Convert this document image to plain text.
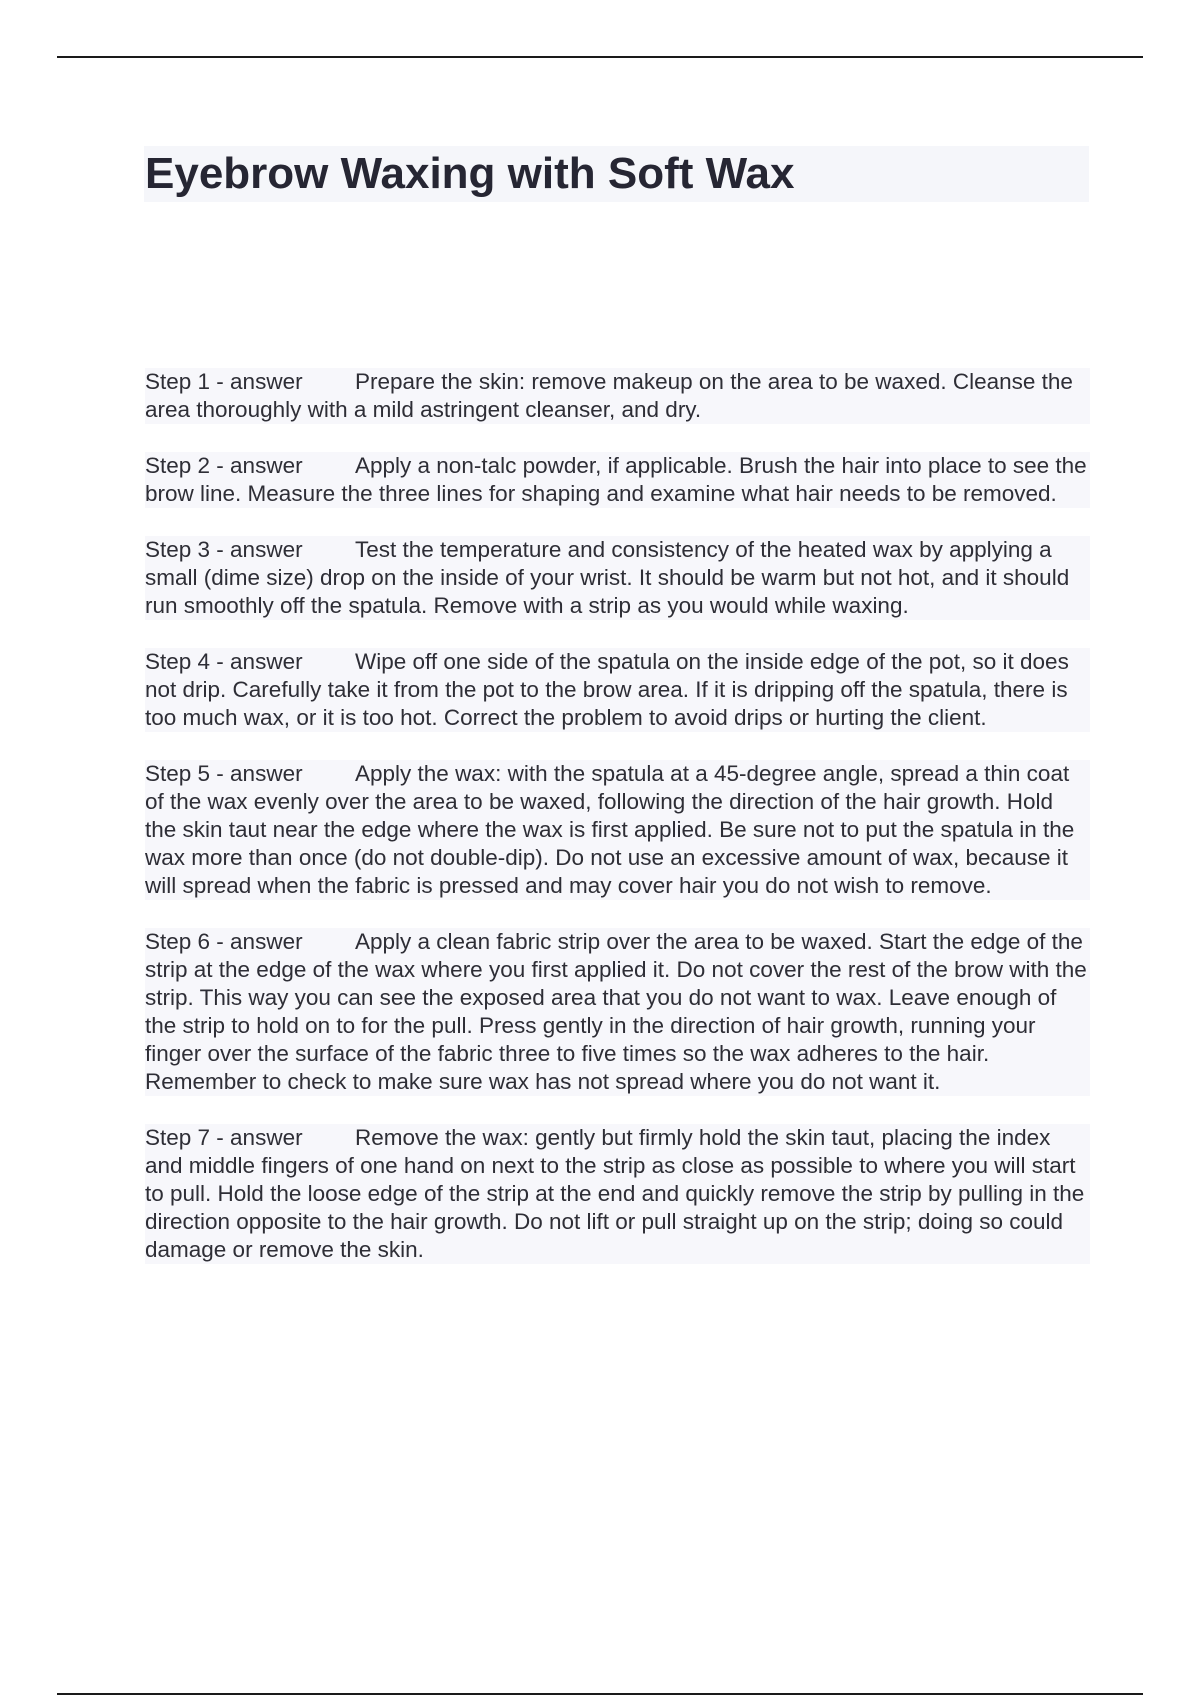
Eyebrow Waxing with Soft Wax

Step 1 - answer Prepare the skin: remove makeup on the area to be waxed. Cleanse the area thoroughly with a mild astringent cleanser, and dry.

Step 2 - answer Apply a non-talc powder, if applicable. Brush the hair into place to see the brow line. Measure the three lines for shaping and examine what hair needs to be removed.

Step 3 - answer Test the temperature and consistency of the heated wax by applying a small (dime size) drop on the inside of your wrist. It should be warm but not hot, and it should run smoothly off the spatula. Remove with a strip as you would while waxing.

Step 4 - answer Wipe off one side of the spatula on the inside edge of the pot, so it does not drip. Carefully take it from the pot to the brow area. If it is dripping off the spatula, there is too much wax, or it is too hot. Correct the problem to avoid drips or hurting the client.

Step 5 - answer Apply the wax: with the spatula at a 45-degree angle, spread a thin coat of the wax evenly over the area to be waxed, following the direction of the hair growth. Hold the skin taut near the edge where the wax is first applied. Be sure not to put the spatula in the wax more than once (do not double-dip). Do not use an excessive amount of wax, because it will spread when the fabric is pressed and may cover hair you do not wish to remove.

Step 6 - answer Apply a clean fabric strip over the area to be waxed. Start the edge of the strip at the edge of the wax where you first applied it. Do not cover the rest of the brow with the strip. This way you can see the exposed area that you do not want to wax. Leave enough of the strip to hold on to for the pull. Press gently in the direction of hair growth, running your finger over the surface of the fabric three to five times so the wax adheres to the hair. Remember to check to make sure wax has not spread where you do not want it.

Step 7 - answer Remove the wax: gently but firmly hold the skin taut, placing the index and middle fingers of one hand on next to the strip as close as possible to where you will start to pull. Hold the loose edge of the strip at the end and quickly remove the strip by pulling in the direction opposite to the hair growth. Do not lift or pull straight up on the strip; doing so could damage or remove the skin.
